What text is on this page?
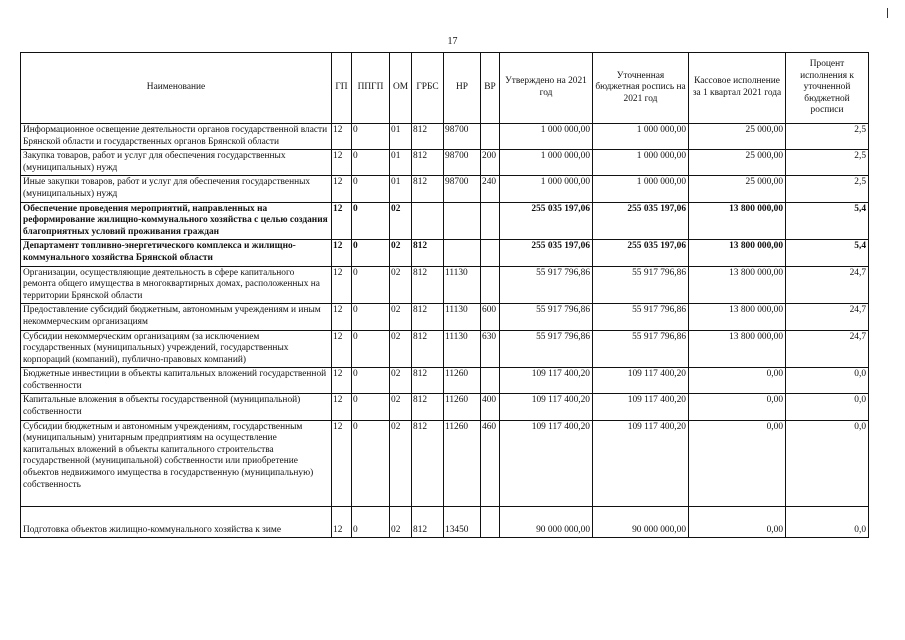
17
Наименование	ГП	ППГП	ОМ	ГРБС	НР	ВР	Утверждено на 2021 год	Уточненная бюджетная роспись на 2021 год	Кассовое исполнение за 1 квартал 2021 года	Процент исполнения к уточненной бюджетной росписи
Информационное освещение деятельности органов государственной власти Брянской области и государственных органов Брянской области	12	0	01	812	98700		1 000 000,00	1 000 000,00	25 000,00	2,5
Закупка товаров, работ и услуг для обеспечения государственных (муниципальных) нужд	12	0	01	812	98700	200	1 000 000,00	1 000 000,00	25 000,00	2,5
Иные закупки товаров, работ и услуг для обеспечения государственных (муниципальных) нужд	12	0	01	812	98700	240	1 000 000,00	1 000 000,00	25 000,00	2,5
Обеспечение проведения мероприятий, направленных на реформирование жилищно-коммунального хозяйства с целью создания благоприятных условий проживания граждан	12	0	02				255 035 197,06	255 035 197,06	13 800 000,00	5,4
Департамент топливно-энергетического комплекса и жилищно-коммунального хозяйства Брянской области	12	0	02	812			255 035 197,06	255 035 197,06	13 800 000,00	5,4
Организации, осуществляющие деятельность в сфере капитального ремонта общего имущества в многоквартирных домах, расположенных на территории Брянской области	12	0	02	812	11130		55 917 796,86	55 917 796,86	13 800 000,00	24,7
Предоставление субсидий бюджетным, автономным учреждениям и иным некоммерческим организациям	12	0	02	812	11130	600	55 917 796,86	55 917 796,86	13 800 000,00	24,7
Субсидии некоммерческим организациям (за исключением государственных (муниципальных) учреждений, государственных корпораций (компаний), публично-правовых компаний)	12	0	02	812	11130	630	55 917 796,86	55 917 796,86	13 800 000,00	24,7
Бюджетные инвестиции в объекты капитальных вложений государственной собственности	12	0	02	812	11260		109 117 400,20	109 117 400,20	0,00	0,0
Капитальные вложения в объекты государственной (муниципальной) собственности	12	0	02	812	11260	400	109 117 400,20	109 117 400,20	0,00	0,0
Субсидии бюджетным и автономным учреждениям, государственным (муниципальным) унитарным предприятиям на осуществление капитальных вложений в объекты капитального строительства государственной (муниципальной) собственности или приобретение объектов недвижимого имущества в государственную (муниципальную) собственность	12	0	02	812	11260	460	109 117 400,20	109 117 400,20	0,00	0,0
Подготовка объектов жилищно-коммунального хозяйства к зиме	12	0	02	812	13450		90 000 000,00	90 000 000,00	0,00	0,0
